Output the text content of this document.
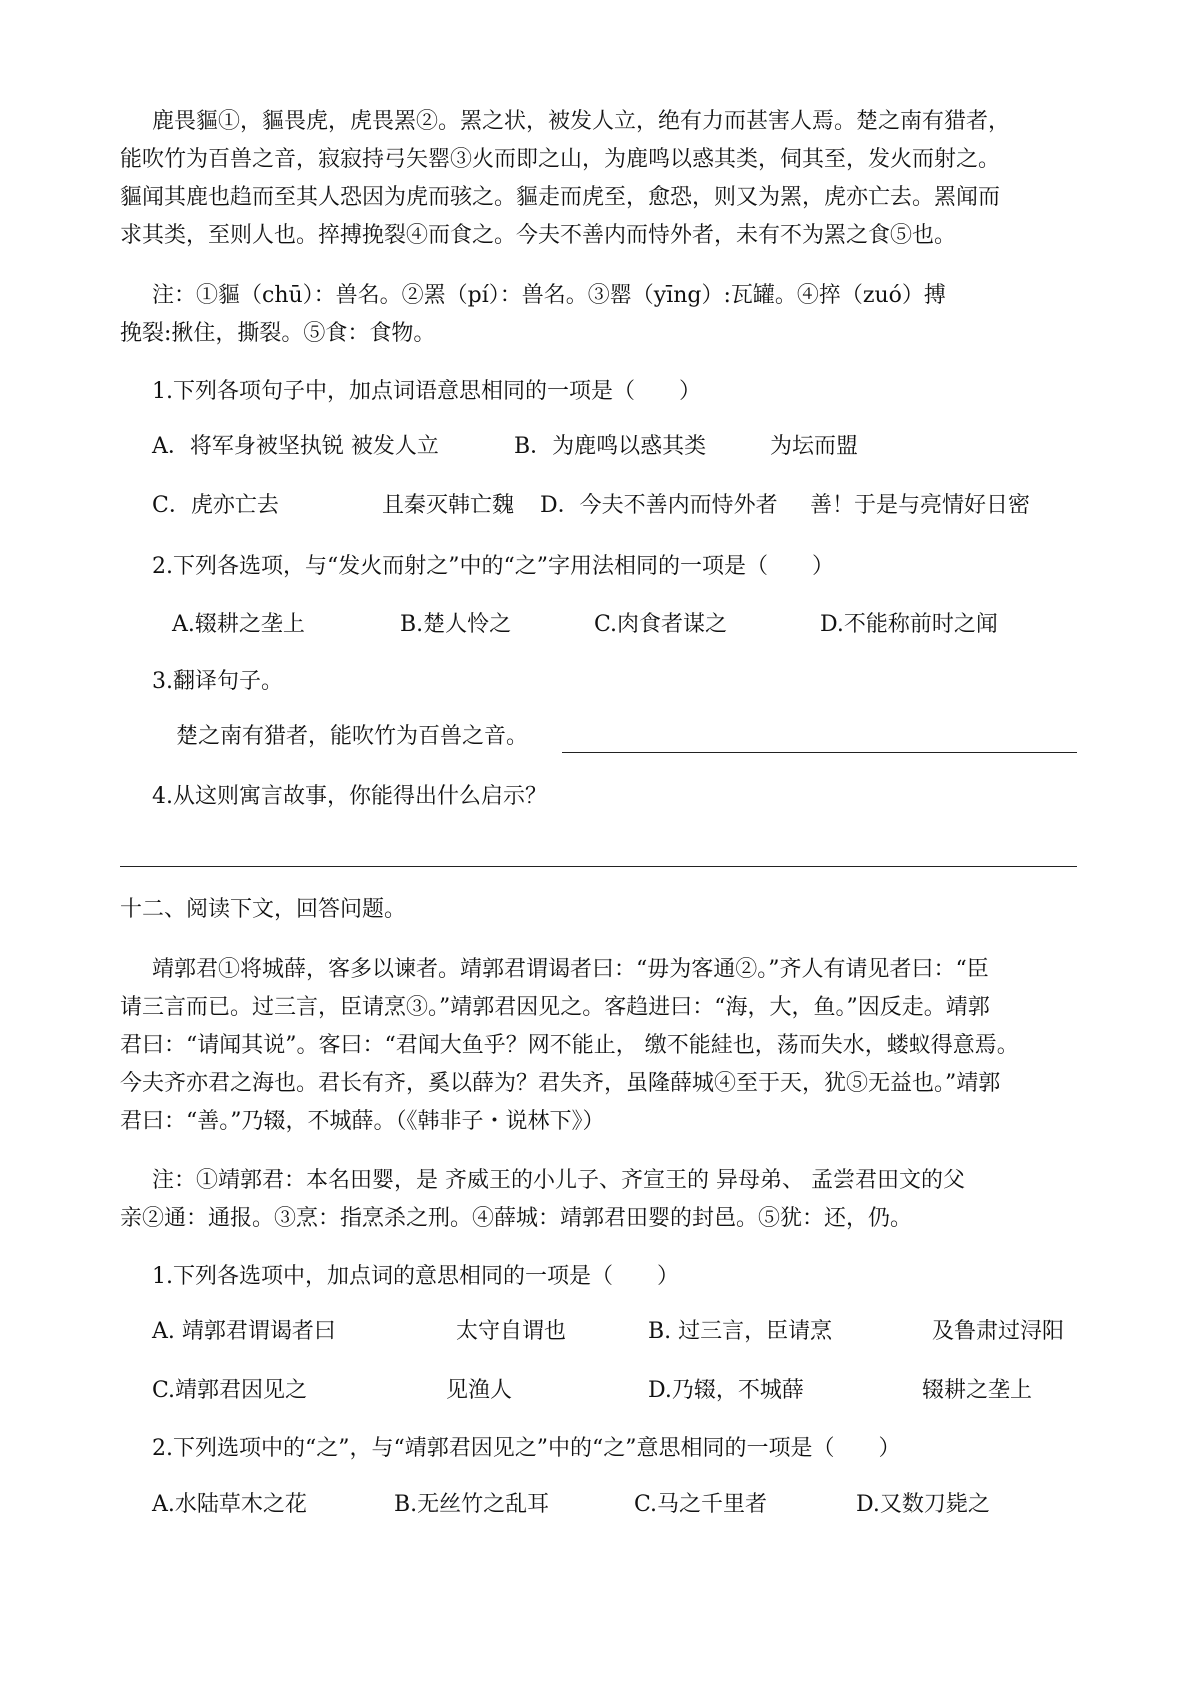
鹿畏貙①，貙畏虎，虎畏罴②。罴之状，被发人立，绝有力而甚害人焉。楚之南有猎者，
能吹竹为百兽之音，寂寂持弓矢罂③火而即之山，为鹿鸣以惑其类，伺其至，发火而射之。
貙闻其鹿也趋而至其人恐因为虎而骇之。貙走而虎至，愈恐，则又为罴，虎亦亡去。罴闻而
求其类，至则人也。捽搏挽裂④而食之。今夫不善内而恃外者，未有不为罴之食⑤也。
注：①貙（chū）：兽名。②罴（pí）：兽名。③罂（yīng）:瓦罐。④捽（zuó）搏
挽裂:揪住，撕裂。⑤食：食物。
1.下列各项句子中，加点词语意思相同的一项是（　　）
A．将军身被坚执锐 被发人立	B．为鹿鸣以惑其类	为坛而盟
C．虎亦亡去	且秦灭韩亡魏 D．今夫不善内而恃外者 善！于是与亮情好日密
2.下列各选项，与“发火而射之”中的“之”字用法相同的一项是（　　）
A.辍耕之垄上	B.楚人怜之	C.肉食者谋之	D.不能称前时之闻
3.翻译句子。
楚之南有猎者，能吹竹为百兽之音。
4.从这则寓言故事，你能得出什么启示？
十二、阅读下文，回答问题。
靖郭君①将城薛，客多以谏者。靖郭君谓谒者曰：“毋为客通②。”齐人有请见者曰：“臣
请三言而已。过三言，臣请烹③。”靖郭君因见之。客趋进曰：“海，大，鱼。”因反走。靖郭
君曰：“请闻其说”。客曰：“君闻大鱼乎？网不能止， 缴不能絓也，荡而失水，蝼蚁得意焉。
今夫齐亦君之海也。君长有齐，奚以薛为？君失齐，虽隆薛城④至于天，犹⑤无益也。”靖郭
君曰：“善。”乃辍，不城薛。（《韩非子・说林下》）
注：①靖郭君：本名田婴，是 齐威王的小儿子、齐宣王的 异母弟、 孟尝君田文的父
亲②通：通报。③烹：指烹杀之刑。④薛城：靖郭君田婴的封邑。⑤犹：还，仍。
1.下列各选项中，加点词的意思相同的一项是（　　）
A. 靖郭君谓谒者曰	太守自谓也	B. 过三言，臣请烹	及鲁肃过浔阳
C.靖郭君因见之	见渔人	D.乃辍，不城薛	辍耕之垄上
2.下列选项中的“之”，与“靖郭君因见之”中的“之”意思相同的一项是（　　）
A.水陆草木之花	B.无丝竹之乱耳	C.马之千里者	D.又数刀毙之
